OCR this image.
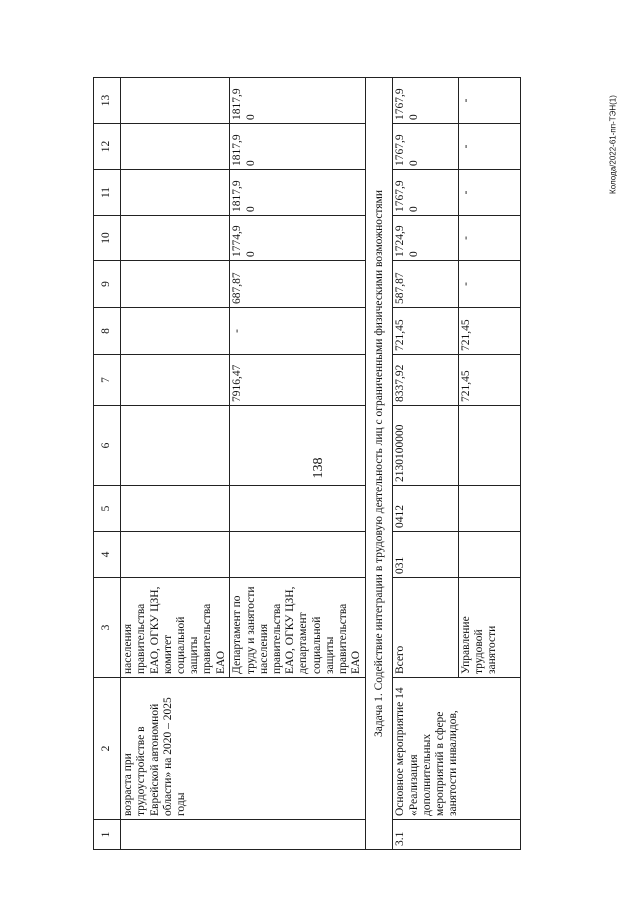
138
Колода/2022-61-пп-ТЭН(1)
1	2	3	4	5	6	7	8	9	10	11	12	13
	возраста при трудоустройстве в Еврейской автономной области» на 2020 – 2025 годы	населения правительства ЕАО, ОГКУ ЦЗН, комитет социальной защиты правительства ЕАО										
		Департамент по труду и занятости населения правительства ЕАО, ОГКУ ЦЗН, департамент социальной защиты правительства ЕАО				7916,47	-	687,87	1774,9 0	1817,9 0	1817,9 0	1817,9 0
Задача 1. Содействие интеграции в трудовую деятельность лиц с ограниченными физическими возможностями												
3.1	Основное мероприятие 14 «Реализация дополнительных мероприятий в сфере занятости инвалидов,	Всего	031	0412	2130100000	8337,92	721,45	587,87	1724,9 0	1767,9 0	1767,9 0	1767,9 0
		Управление трудовой занятости				721,45	721,45	-	-	-	-	-
